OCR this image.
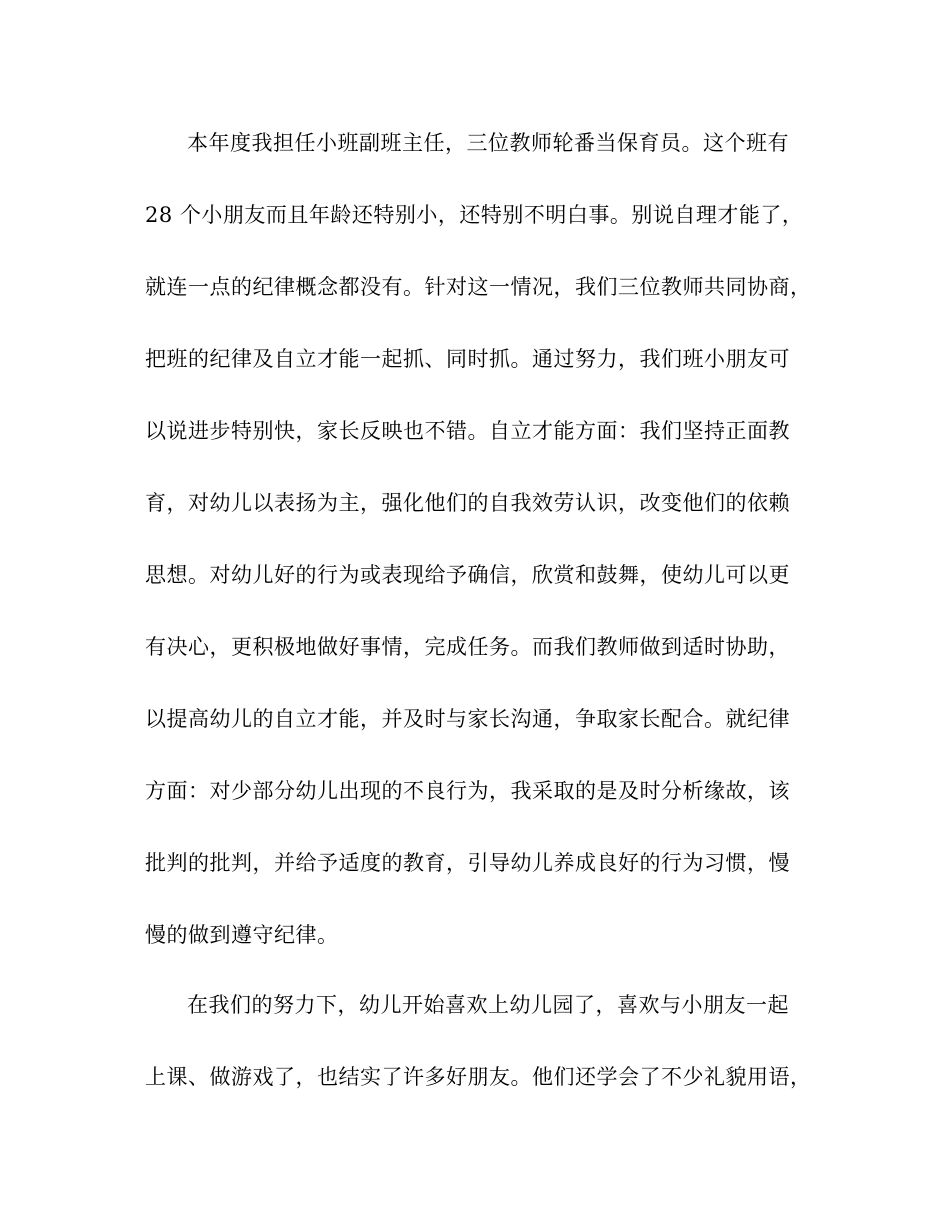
本年度我担任小班副班主任，三位教师轮番当保育员。这个班有
28 个小朋友而且年龄还特别小，还特别不明白事。别说自理才能了，
就连一点的纪律概念都没有。针对这一情况，我们三位教师共同协商，
把班的纪律及自立才能一起抓、同时抓。通过努力，我们班小朋友可
以说进步特别快，家长反映也不错。自立才能方面：我们坚持正面教
育，对幼儿以表扬为主，强化他们的自我效劳认识，改变他们的依赖
思想。对幼儿好的行为或表现给予确信，欣赏和鼓舞，使幼儿可以更
有决心，更积极地做好事情，完成任务。而我们教师做到适时协助，
以提高幼儿的自立才能，并及时与家长沟通，争取家长配合。就纪律
方面：对少部分幼儿出现的不良行为，我采取的是及时分析缘故，该
批判的批判，并给予适度的教育，引导幼儿养成良好的行为习惯，慢
慢的做到遵守纪律。
在我们的努力下，幼儿开始喜欢上幼儿园了，喜欢与小朋友一起
上课、做游戏了，也结实了许多好朋友。他们还学会了不少礼貌用语，
